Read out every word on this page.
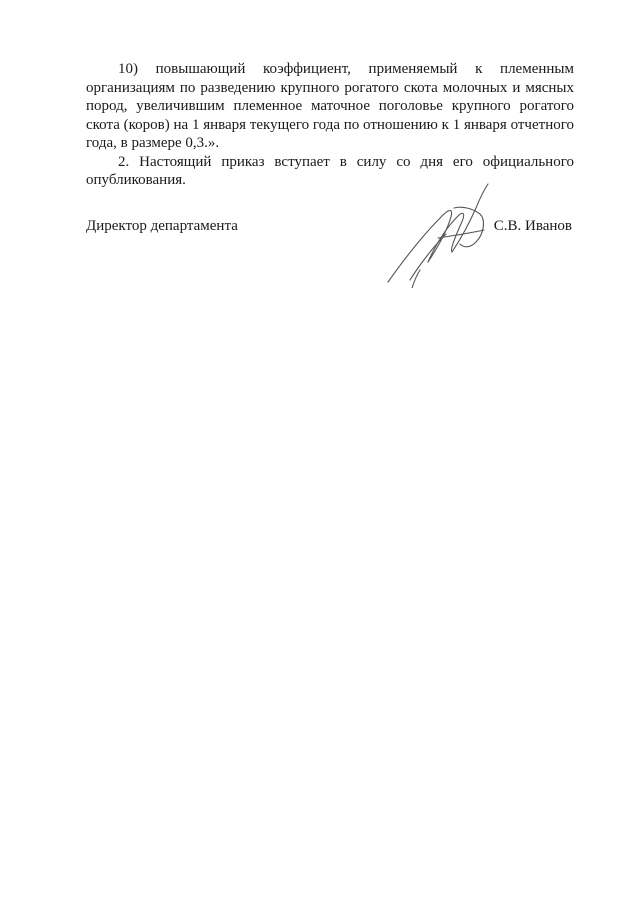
10) повышающий коэффициент, применяемый к племенным организациям по разведению крупного рогатого скота молочных и мясных пород, увеличившим племенное маточное поголовье крупного рогатого скота (коров) на 1 января текущего года по отношению к 1 января отчетного года, в размере 0,3.».

2. Настоящий приказ вступает в силу со дня его официального опубликования.

Директор департамента	С.В. Иванов
